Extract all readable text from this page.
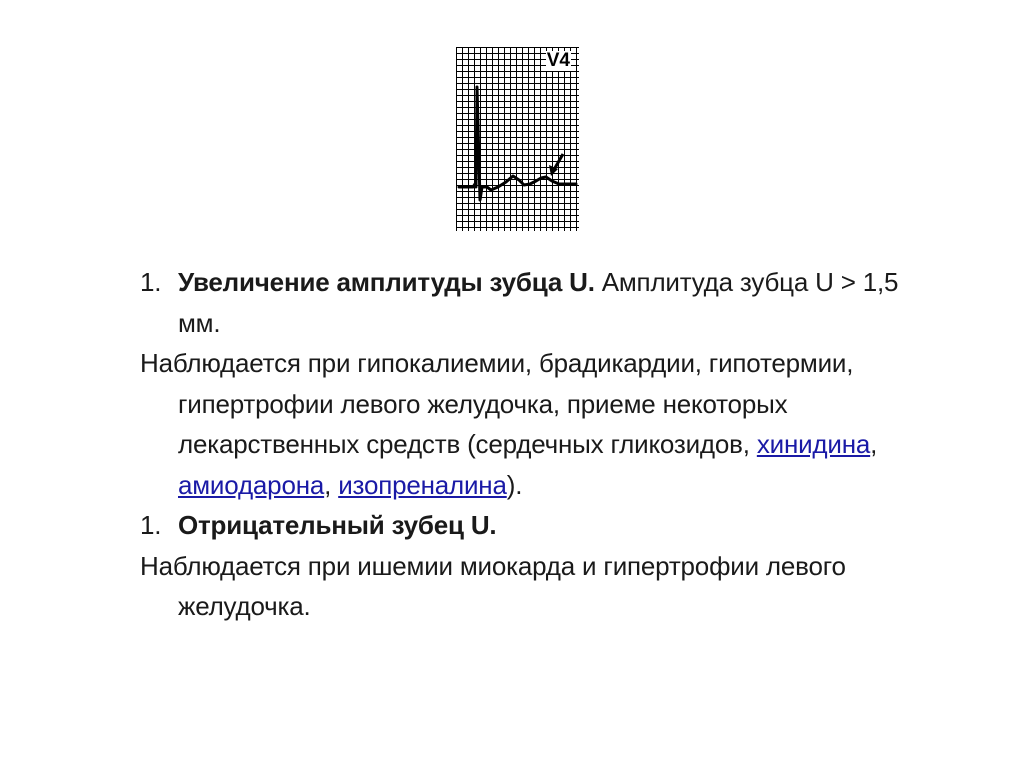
V4

1. Увеличение амплитуды зубца U. Амплитуда зубца U > 1,5 мм.

Наблюдается при гипокалиемии, брадикардии, гипотермии, гипертрофии левого желудочка, приеме некоторых лекарственных средств (сердечных гликозидов, хинидина, амиодарона, изопреналина).

1. Отрицательный зубец U.

Наблюдается при ишемии миокарда и гипертрофии левого желудочка.
